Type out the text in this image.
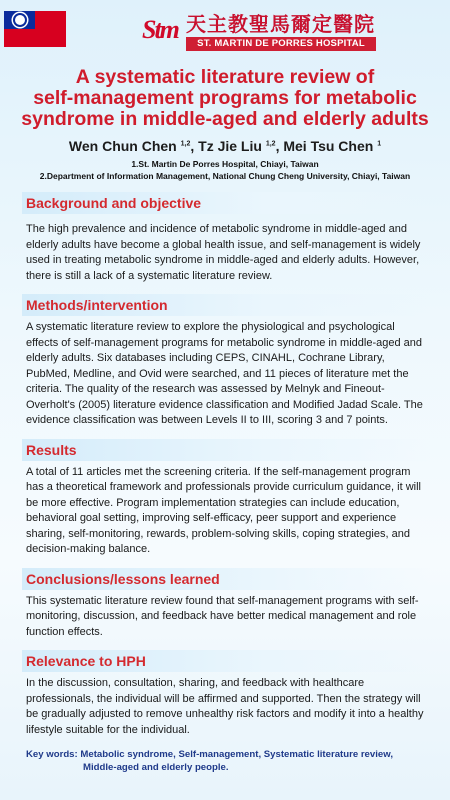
Stm 天主教聖馬爾定醫院
ST. MARTIN DE PORRES HOSPITAL
A systematic literature review of
self-management programs for metabolic
syndrome in middle-aged and elderly adults
Wen Chun Chen $^{1,2}$, Tz Jie Liu $^{1,2}$, Mei Tsu Chen $^1$
1.St. Martin De Porres Hospital, Chiayi, Taiwan
2.Department of Information Management, National Chung Cheng University, Chiayi, Taiwan
Background and objective
The high prevalence and incidence of metabolic syndrome in middle-aged and elderly adults have become a global health issue, and self-management is widely used in treating metabolic syndrome in middle-aged and elderly adults. However, there is still a lack of a systematic literature review.
Methods/intervention
A systematic literature review to explore the physiological and psychological effects of self-management programs for metabolic syndrome in middle-aged and elderly adults. Six databases including CEPS, CINAHL, Cochrane Library, PubMed, Medline, and Ovid were searched, and 11 pieces of literature met the criteria. The quality of the research was assessed by Melnyk and Fineout-Overholt's (2005) literature evidence classification and Modified Jadad Scale. The evidence classification was between Levels II to III, scoring 3 and 7 points.
Results
A total of 11 articles met the screening criteria. If the self-management program has a theoretical framework and professionals provide curriculum guidance, it will be more effective. Program implementation strategies can include education, behavioral goal setting, improving self-efficacy, peer support and experience sharing, self-monitoring, rewards, problem-solving skills, coping strategies, and decision-making balance.
Conclusions/lessons learned
This systematic literature review found that self-management programs with self-monitoring, discussion, and feedback have better medical management and role function effects.
Relevance to HPH
In the discussion, consultation, sharing, and feedback with healthcare professionals, the individual will be affirmed and supported. Then the strategy will be gradually adjusted to remove unhealthy risk factors and modify it into a healthy lifestyle suitable for the individual.
Key words: Metabolic syndrome, Self-management, Systematic literature review,
Middle-aged and elderly people.
